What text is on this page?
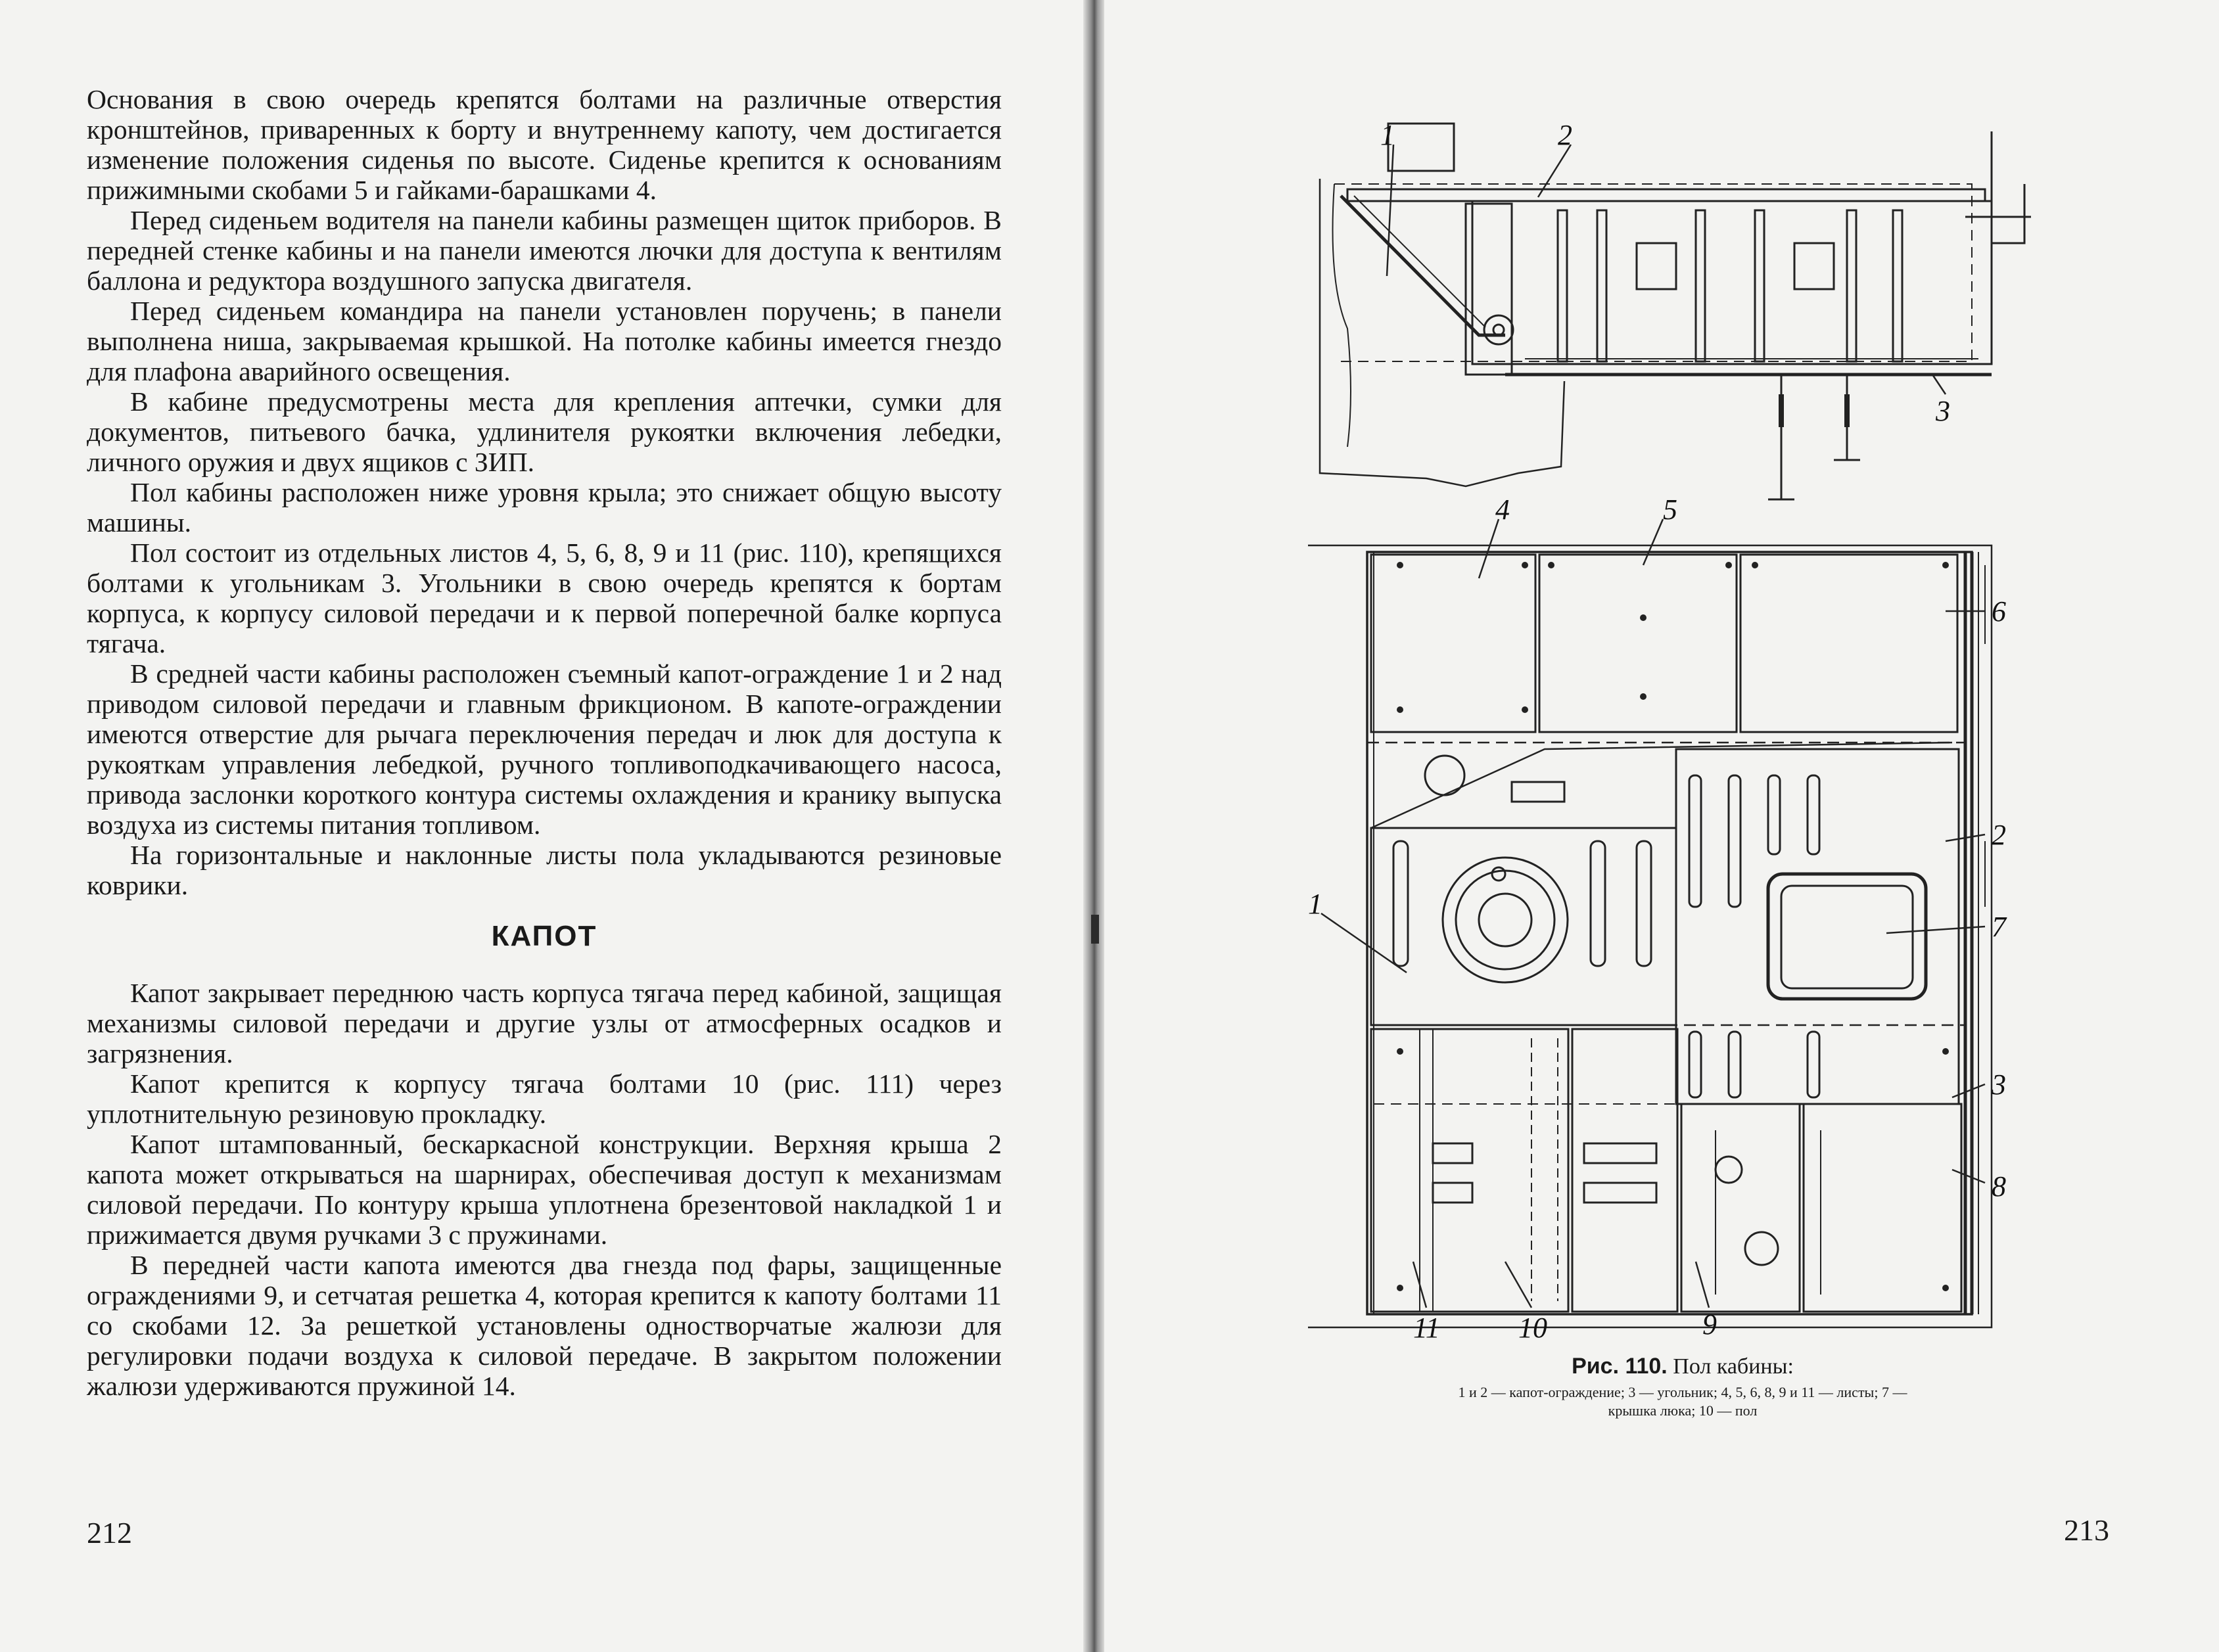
Основания в свою очередь крепятся болтами на различные отверстия кронштейнов, приваренных к борту и внутреннему капоту, чем достигается изменение положения сиденья по высоте. Сиденье крепится к основаниям прижимными скобами 5 и гайками-барашками 4.

Перед сиденьем водителя на панели кабины размещен щиток приборов. В передней стенке кабины и на панели имеются лючки для доступа к вентилям баллона и редуктора воздушного запуска двигателя.

Перед сиденьем командира на панели установлен поручень; в панели выполнена ниша, закрываемая крышкой. На потолке кабины имеется гнездо для плафона аварийного освещения.

В кабине предусмотрены места для крепления аптечки, сумки для документов, питьевого бачка, удлинителя рукоятки включения лебедки, личного оружия и двух ящиков с ЗИП.

Пол кабины расположен ниже уровня крыла; это снижает общую высоту машины.

Пол состоит из отдельных листов 4, 5, 6, 8, 9 и 11 (рис. 110), крепящихся болтами к угольникам 3. Угольники в свою очередь крепятся к бортам корпуса, к корпусу силовой передачи и к первой поперечной балке корпуса тягача.

В средней части кабины расположен съемный капот-ограждение 1 и 2 над приводом силовой передачи и главным фрикционом. В капоте-ограждении имеются отверстие для рычага переключения передач и люк для доступа к рукояткам управления лебедкой, ручного топливоподкачивающего насоса, привода заслонки короткого контура системы охлаждения и кранику выпуска воздуха из системы питания топливом.

На горизонтальные и наклонные листы пола укладываются резиновые коврики.

КАПОТ

Капот закрывает переднюю часть корпуса тягача перед кабиной, защищая механизмы силовой передачи и другие узлы от атмосферных осадков и загрязнения.

Капот крепится к корпусу тягача болтами 10 (рис. 111) через уплотнительную резиновую прокладку.

Капот штампованный, бескаркасной конструкции. Верхняя крыша 2 капота может открываться на шарнирах, обеспечивая доступ к механизмам силовой передачи. По контуру крыша уплотнена брезентовой накладкой 1 и прижимается двумя ручками 3 с пружинами.

В передней части капота имеются два гнезда под фары, защищенные ограждениями 9, и сетчатая решетка 4, которая крепится к капоту болтами 11 со скобами 12. За решеткой установлены одностворчатые жалюзи для регулировки подачи воздуха к силовой передаче. В закрытом положении жалюзи удерживаются пружиной 14.

212	213
1	2
3
4	5
6
1
2
7
3
8
11	10	9
Рис. 110. Пол кабины:
1 и 2 — капот-ограждение; 3 — угольник; 4, 5, 6, 8, 9 и 11 — листы; 7 —
крышка люка; 10 — пол
